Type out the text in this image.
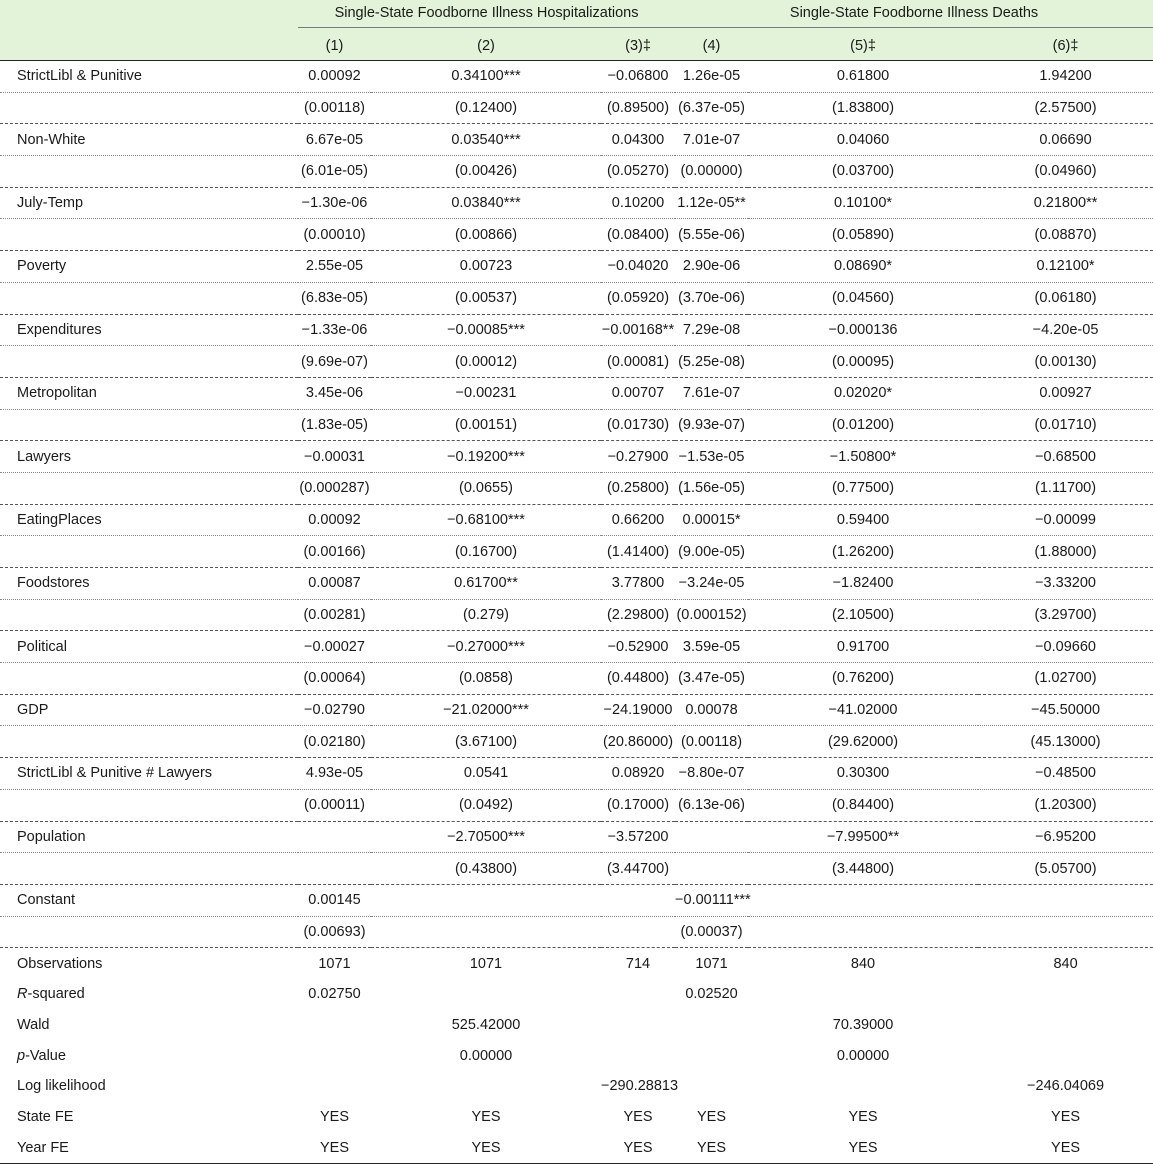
	Single-State Foodborne Illness Hospitalizations			Single-State Foodborne Illness Deaths		

	(1)	(2)	(3)‡	(4)	(5)‡	(6)‡
StrictLibl & Punitive	0.00092	0.34100***	−0.06800	1.26e-05	0.61800	1.94200
	(0.00118)	(0.12400)	(0.89500)	(6.37e-05)	(1.83800)	(2.57500)
Non-White	6.67e-05	0.03540***	0.04300	7.01e-07	0.04060	0.06690
	(6.01e-05)	(0.00426)	(0.05270)	(0.00000)	(0.03700)	(0.04960)
July-Temp	−1.30e-06	0.03840***	0.10200	1.12e-05**	0.10100*	0.21800**
	(0.00010)	(0.00866)	(0.08400)	(5.55e-06)	(0.05890)	(0.08870)
Poverty	2.55e-05	0.00723	−0.04020	2.90e-06	0.08690*	0.12100*
	(6.83e-05)	(0.00537)	(0.05920)	(3.70e-06)	(0.04560)	(0.06180)
Expenditures	−1.33e-06	−0.00085***	−0.00168**	7.29e-08	−0.000136	−4.20e-05
	(9.69e-07)	(0.00012)	(0.00081)	(5.25e-08)	(0.00095)	(0.00130)
Metropolitan	3.45e-06	−0.00231	0.00707	7.61e-07	0.02020*	0.00927
	(1.83e-05)	(0.00151)	(0.01730)	(9.93e-07)	(0.01200)	(0.01710)
Lawyers	−0.00031	−0.19200***	−0.27900	−1.53e-05	−1.50800*	−0.68500
	(0.000287)	(0.0655)	(0.25800)	(1.56e-05)	(0.77500)	(1.11700)
EatingPlaces	0.00092	−0.68100***	0.66200	0.00015*	0.59400	−0.00099
	(0.00166)	(0.16700)	(1.41400)	(9.00e-05)	(1.26200)	(1.88000)
Foodstores	0.00087	0.61700**	3.77800	−3.24e-05	−1.82400	−3.33200
	(0.00281)	(0.279)	(2.29800)	(0.000152)	(2.10500)	(3.29700)
Political	−0.00027	−0.27000***	−0.52900	3.59e-05	0.91700	−0.09660
	(0.00064)	(0.0858)	(0.44800)	(3.47e-05)	(0.76200)	(1.02700)
GDP	−0.02790	−21.02000***	−24.19000	0.00078	−41.02000	−45.50000
	(0.02180)	(3.67100)	(20.86000)	(0.00118)	(29.62000)	(45.13000)
StrictLibl & Punitive # Lawyers	4.93e-05	0.0541	0.08920	−8.80e-07	0.30300	−0.48500
	(0.00011)	(0.0492)	(0.17000)	(6.13e-06)	(0.84400)	(1.20300)
Population		−2.70500***	−3.57200		−7.99500**	−6.95200
		(0.43800)	(3.44700)		(3.44800)	(5.05700)
Constant	0.00145			−0.00111***		
	(0.00693)			(0.00037)		
Observations	1071	1071	714	1071	840	840
R-squared	0.02750			0.02520		
Wald		525.42000			70.39000	
p-Value		0.00000			0.00000	
Log likelihood			−290.28813			−246.04069
State FE	YES	YES	YES	YES	YES	YES
Year FE	YES	YES	YES	YES	YES	YES
